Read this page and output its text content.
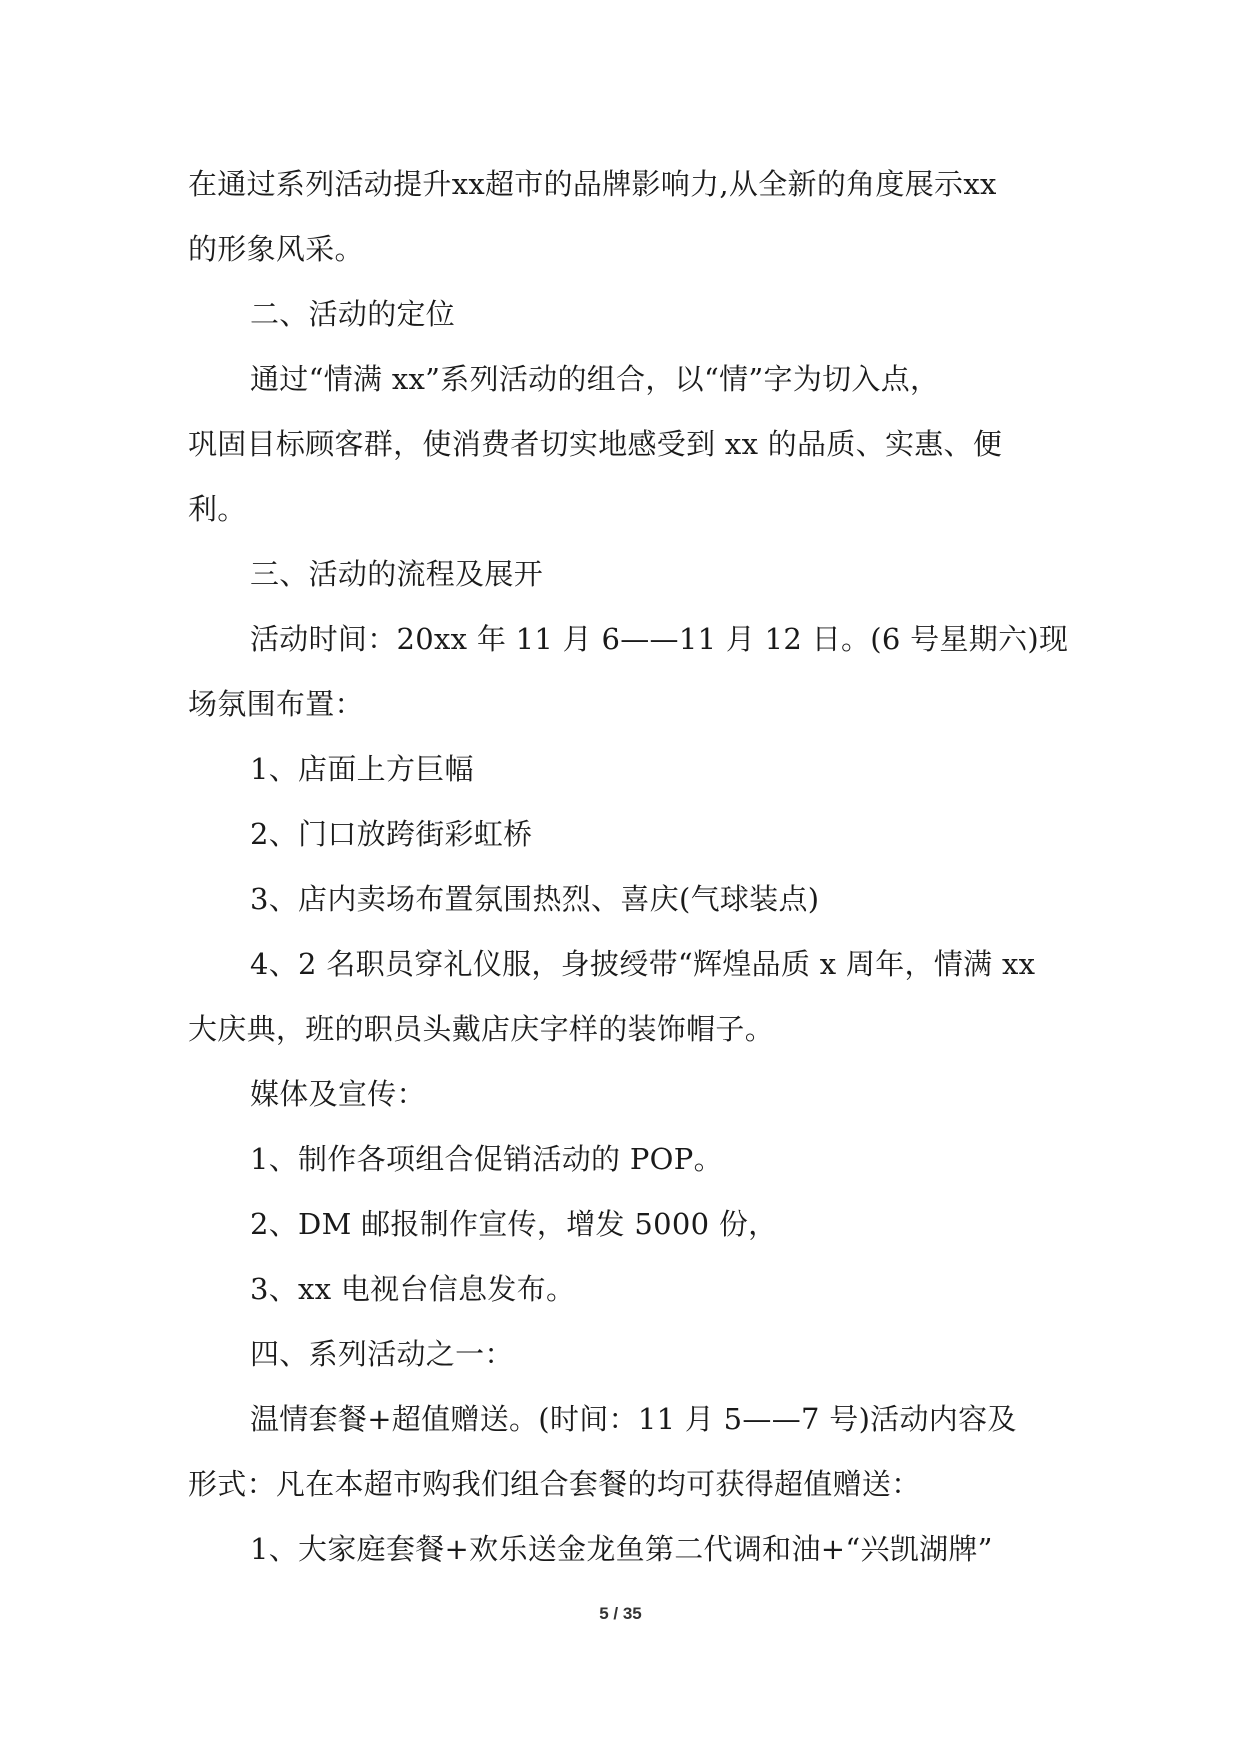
在通过系列活动提升xx超市的品牌影响力,从全新的角度展示xx
的形象风采。
二、活动的定位
通过“情满 xx”系列活动的组合，以“情”字为切入点，
巩固目标顾客群，使消费者切实地感受到 xx 的品质、实惠、便
利。
三、活动的流程及展开
活动时间：20xx 年 11 月 6——11 月 12 日。(6 号星期六)现
场氛围布置：
1、店面上方巨幅
2、门口放跨街彩虹桥
3、店内卖场布置氛围热烈、喜庆(气球装点)
4、2 名职员穿礼仪服，身披绶带“辉煌品质 x 周年，情满 xx
大庆典，班的职员头戴店庆字样的装饰帽子。
媒体及宣传：
1、制作各项组合促销活动的 POP。
2、DM 邮报制作宣传，增发 5000 份，
3、xx 电视台信息发布。
四、系列活动之一：
温情套餐+超值赠送。(时间：11 月 5——7 号)活动内容及
形式：凡在本超市购我们组合套餐的均可获得超值赠送：
1、大家庭套餐+欢乐送金龙鱼第二代调和油+“兴凯湖牌”
5 / 35
